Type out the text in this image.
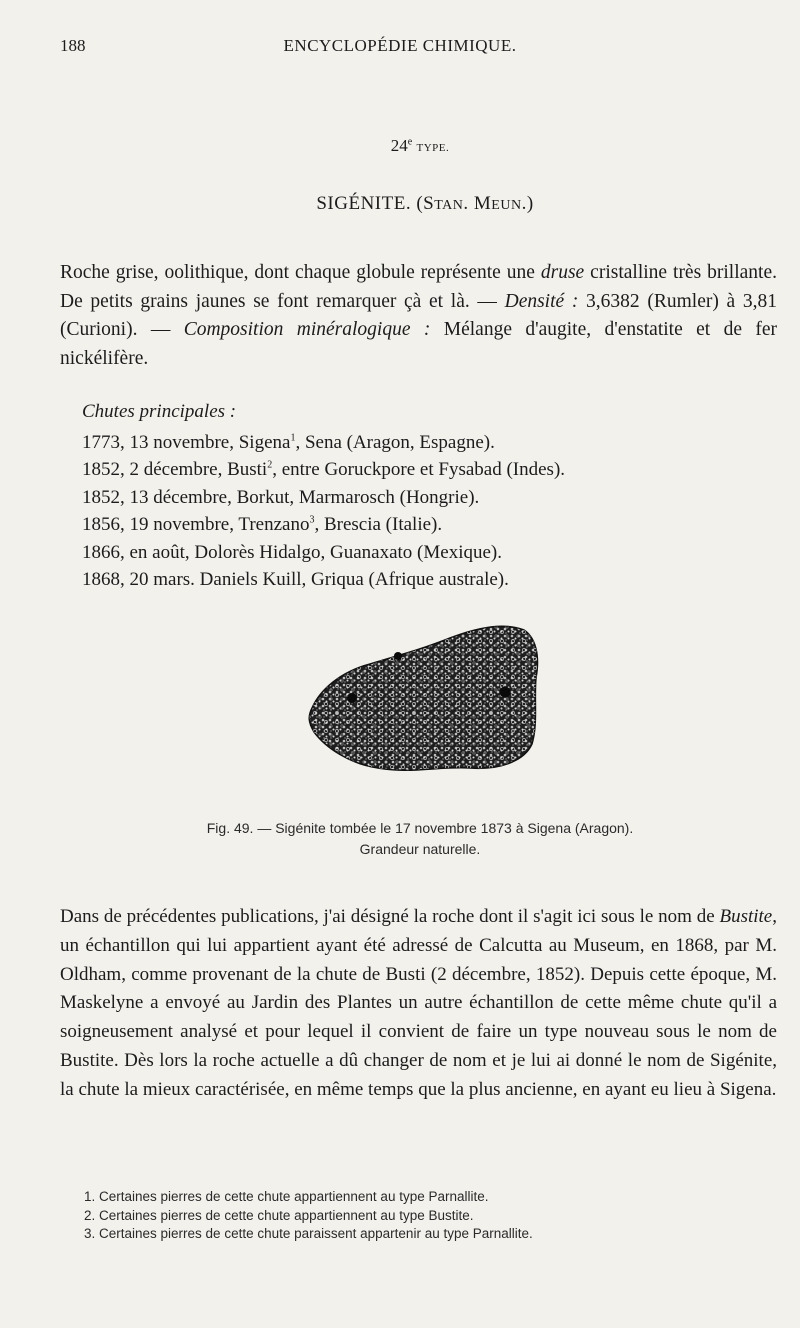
188	ENCYCLOPÉDIE CHIMIQUE.
24e TYPE.
SIGÉNITE. (STAN. MEUN.)

Roche grise, oolithique, dont chaque globule représente une druse cristalline très brillante. De petits grains jaunes se font remarquer çà et là. — Densité : 3,6382 (Rumler) à 3,81 (Curioni). — Composition minéralogique : Mélange d'augite, d'enstatite et de fer nickélifère.

Chutes principales :
1773, 13 novembre, Sigena$^1$, Sena (Aragon, Espagne).
1852, 2 décembre, Busti$^2$, entre Goruckpore et Fysabad (Indes).
1852, 13 décembre, Borkut, Marmarosch (Hongrie).
1856, 19 novembre, Trenzano$^3$, Brescia (Italie).
1866, en août, Dolorès Hidalgo, Guanaxato (Mexique).
1868, 20 mars. Daniels Kuill, Griqua (Afrique australe).
Fig. 49. — Sigénite tombée le 17 novembre 1873 à Sigena (Aragon).
Grandeur naturelle.

Dans de précédentes publications, j'ai désigné la roche dont il s'agit ici sous le nom de Bustite, un échantillon qui lui appartient ayant été adressé de Calcutta au Museum, en 1868, par M. Oldham, comme provenant de la chute de Busti (2 décembre, 1852). Depuis cette époque, M. Maskelyne a envoyé au Jardin des Plantes un autre échantillon de cette même chute qu'il a soigneusement analysé et pour lequel il convient de faire un type nouveau sous le nom de Bustite. Dès lors la roche actuelle a dû changer de nom et je lui ai donné le nom de Sigénite, la chute la mieux caractérisée, en même temps que la plus ancienne, en ayant eu lieu à Sigena.

1. Certaines pierres de cette chute appartiennent au type Parnallite.
2. Certaines pierres de cette chute appartiennent au type Bustite.
3. Certaines pierres de cette chute paraissent appartenir au type Parnallite.
